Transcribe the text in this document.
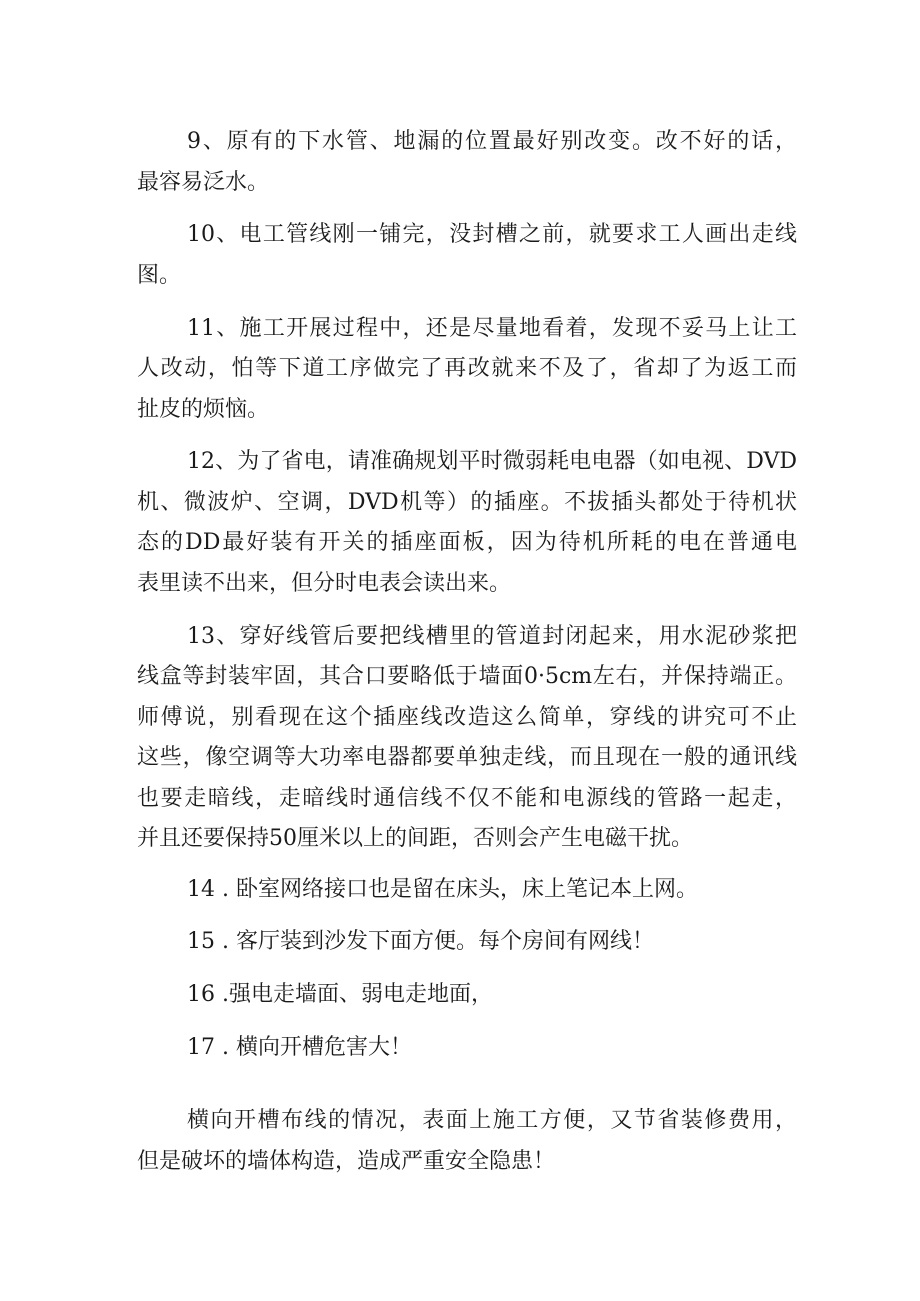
9、原有的下水管、地漏的位置最好别改变。改不好的话，
最容易泛水。
10、电工管线刚一铺完，没封槽之前，就要求工人画出走线
图。
11、施工开展过程中，还是尽量地看着，发现不妥马上让工
人改动，怕等下道工序做完了再改就来不及了，省却了为返工而
扯皮的烦恼。
12、为了省电，请准确规划平时微弱耗电电器（如电视、DVD
机、微波炉、空调，DVD机等）的插座。不拔插头都处于待机状
态的DD最好装有开关的插座面板，因为待机所耗的电在普通电
表里读不出来，但分时电表会读出来。
13、穿好线管后要把线槽里的管道封闭起来，用水泥砂浆把
线盒等封装牢固，其合口要略低于墙面0·5cm左右，并保持端正。
师傅说，别看现在这个插座线改造这么简单，穿线的讲究可不止
这些，像空调等大功率电器都要单独走线，而且现在一般的通讯线
也要走暗线，走暗线时通信线不仅不能和电源线的管路一起走，
并且还要保持50厘米以上的间距，否则会产生电磁干扰。
14 . 卧室网络接口也是留在床头，床上笔记本上网。
15 . 客厅装到沙发下面方便。每个房间有网线！
16 .强电走墙面、弱电走地面，
17 . 横向开槽危害大！
横向开槽布线的情况，表面上施工方便，又节省装修费用，
但是破坏的墙体构造，造成严重安全隐患！
